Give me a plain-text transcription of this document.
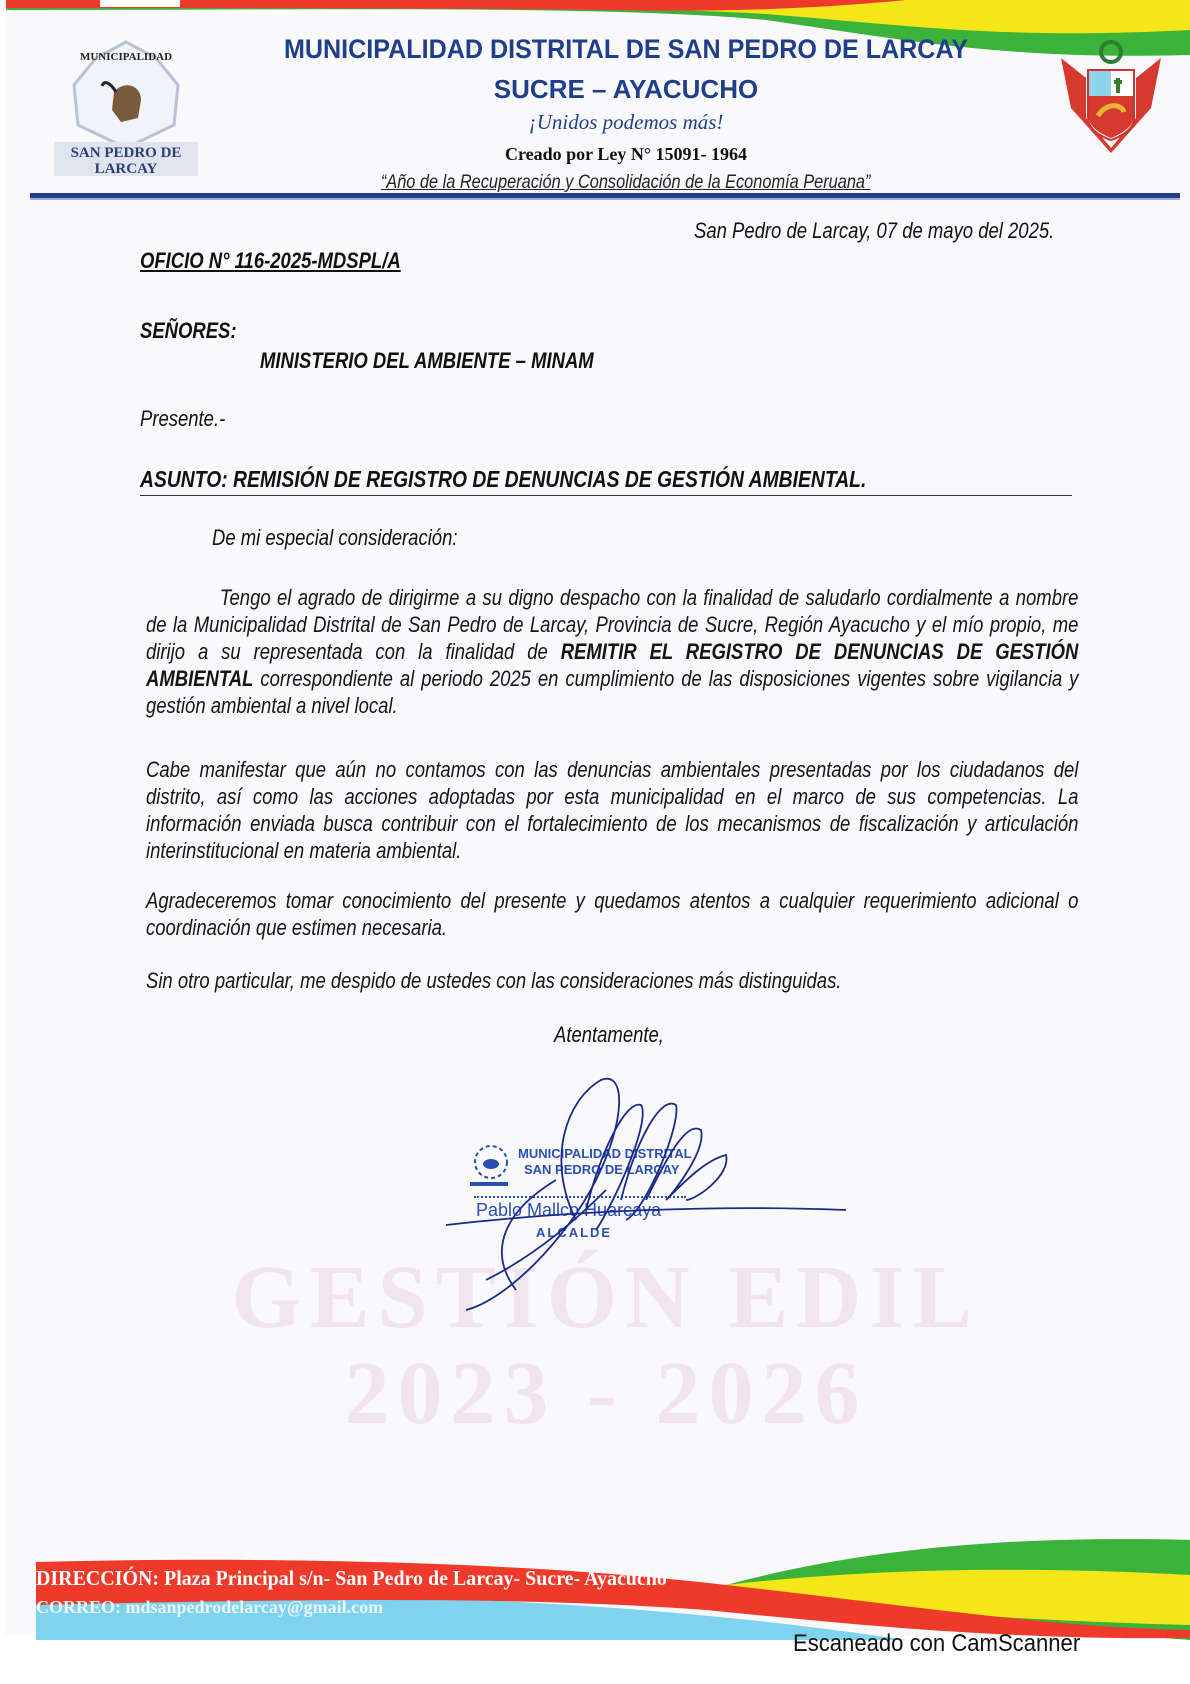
MUNICIPALIDAD
SAN PEDRO DE
LARCAY
MUNICIPALIDAD DISTRITAL DE SAN PEDRO DE LARCAY
SUCRE – AYACUCHO
¡Unidos podemos más!
Creado por Ley N° 15091- 1964
“Año de la Recuperación y Consolidación de la Economía Peruana”
GESTIÓN EDIL
2023 - 2026
San Pedro de Larcay, 07 de mayo del 2025.
OFICIO N° 116-2025-MDSPL/A
SEÑORES:
MINISTERIO DEL AMBIENTE – MINAM
Presente.-
ASUNTO: REMISIÓN DE REGISTRO DE DENUNCIAS DE GESTIÓN AMBIENTAL.
De mi especial consideración:
Tengo el agrado de dirigirme a su digno despacho con la finalidad de saludarlo cordialmente a nombre de la Municipalidad Distrital de San Pedro de Larcay, Provincia de Sucre, Región Ayacucho y el mío propio, me dirijo a su representada con la finalidad de REMITIR EL REGISTRO DE DENUNCIAS DE GESTIÓN AMBIENTAL correspondiente al periodo 2025 en cumplimiento de las disposiciones vigentes sobre vigilancia y gestión ambiental a nivel local.
Cabe manifestar que aún no contamos con las denuncias ambientales presentadas por los ciudadanos del distrito, así como las acciones adoptadas por esta municipalidad en el marco de sus competencias. La información enviada busca contribuir con el fortalecimiento de los mecanismos de fiscalización y articulación interinstitucional en materia ambiental.
Agradeceremos tomar conocimiento del presente y quedamos atentos a cualquier requerimiento adicional o coordinación que estimen necesaria.
Sin otro particular, me despido de ustedes con las consideraciones más distinguidas.
Atentamente,
MUNICIPALIDAD DISTRITAL
SAN PEDRO DE LARCAY
Pablo Mallco Huarcaya
ALCALDE
DIRECCIÓN: Plaza Principal s/n- San Pedro de Larcay- Sucre- Ayacucho
CORREO: mdsanpedrodelarcay@gmail.com
Escaneado con CamScanner
